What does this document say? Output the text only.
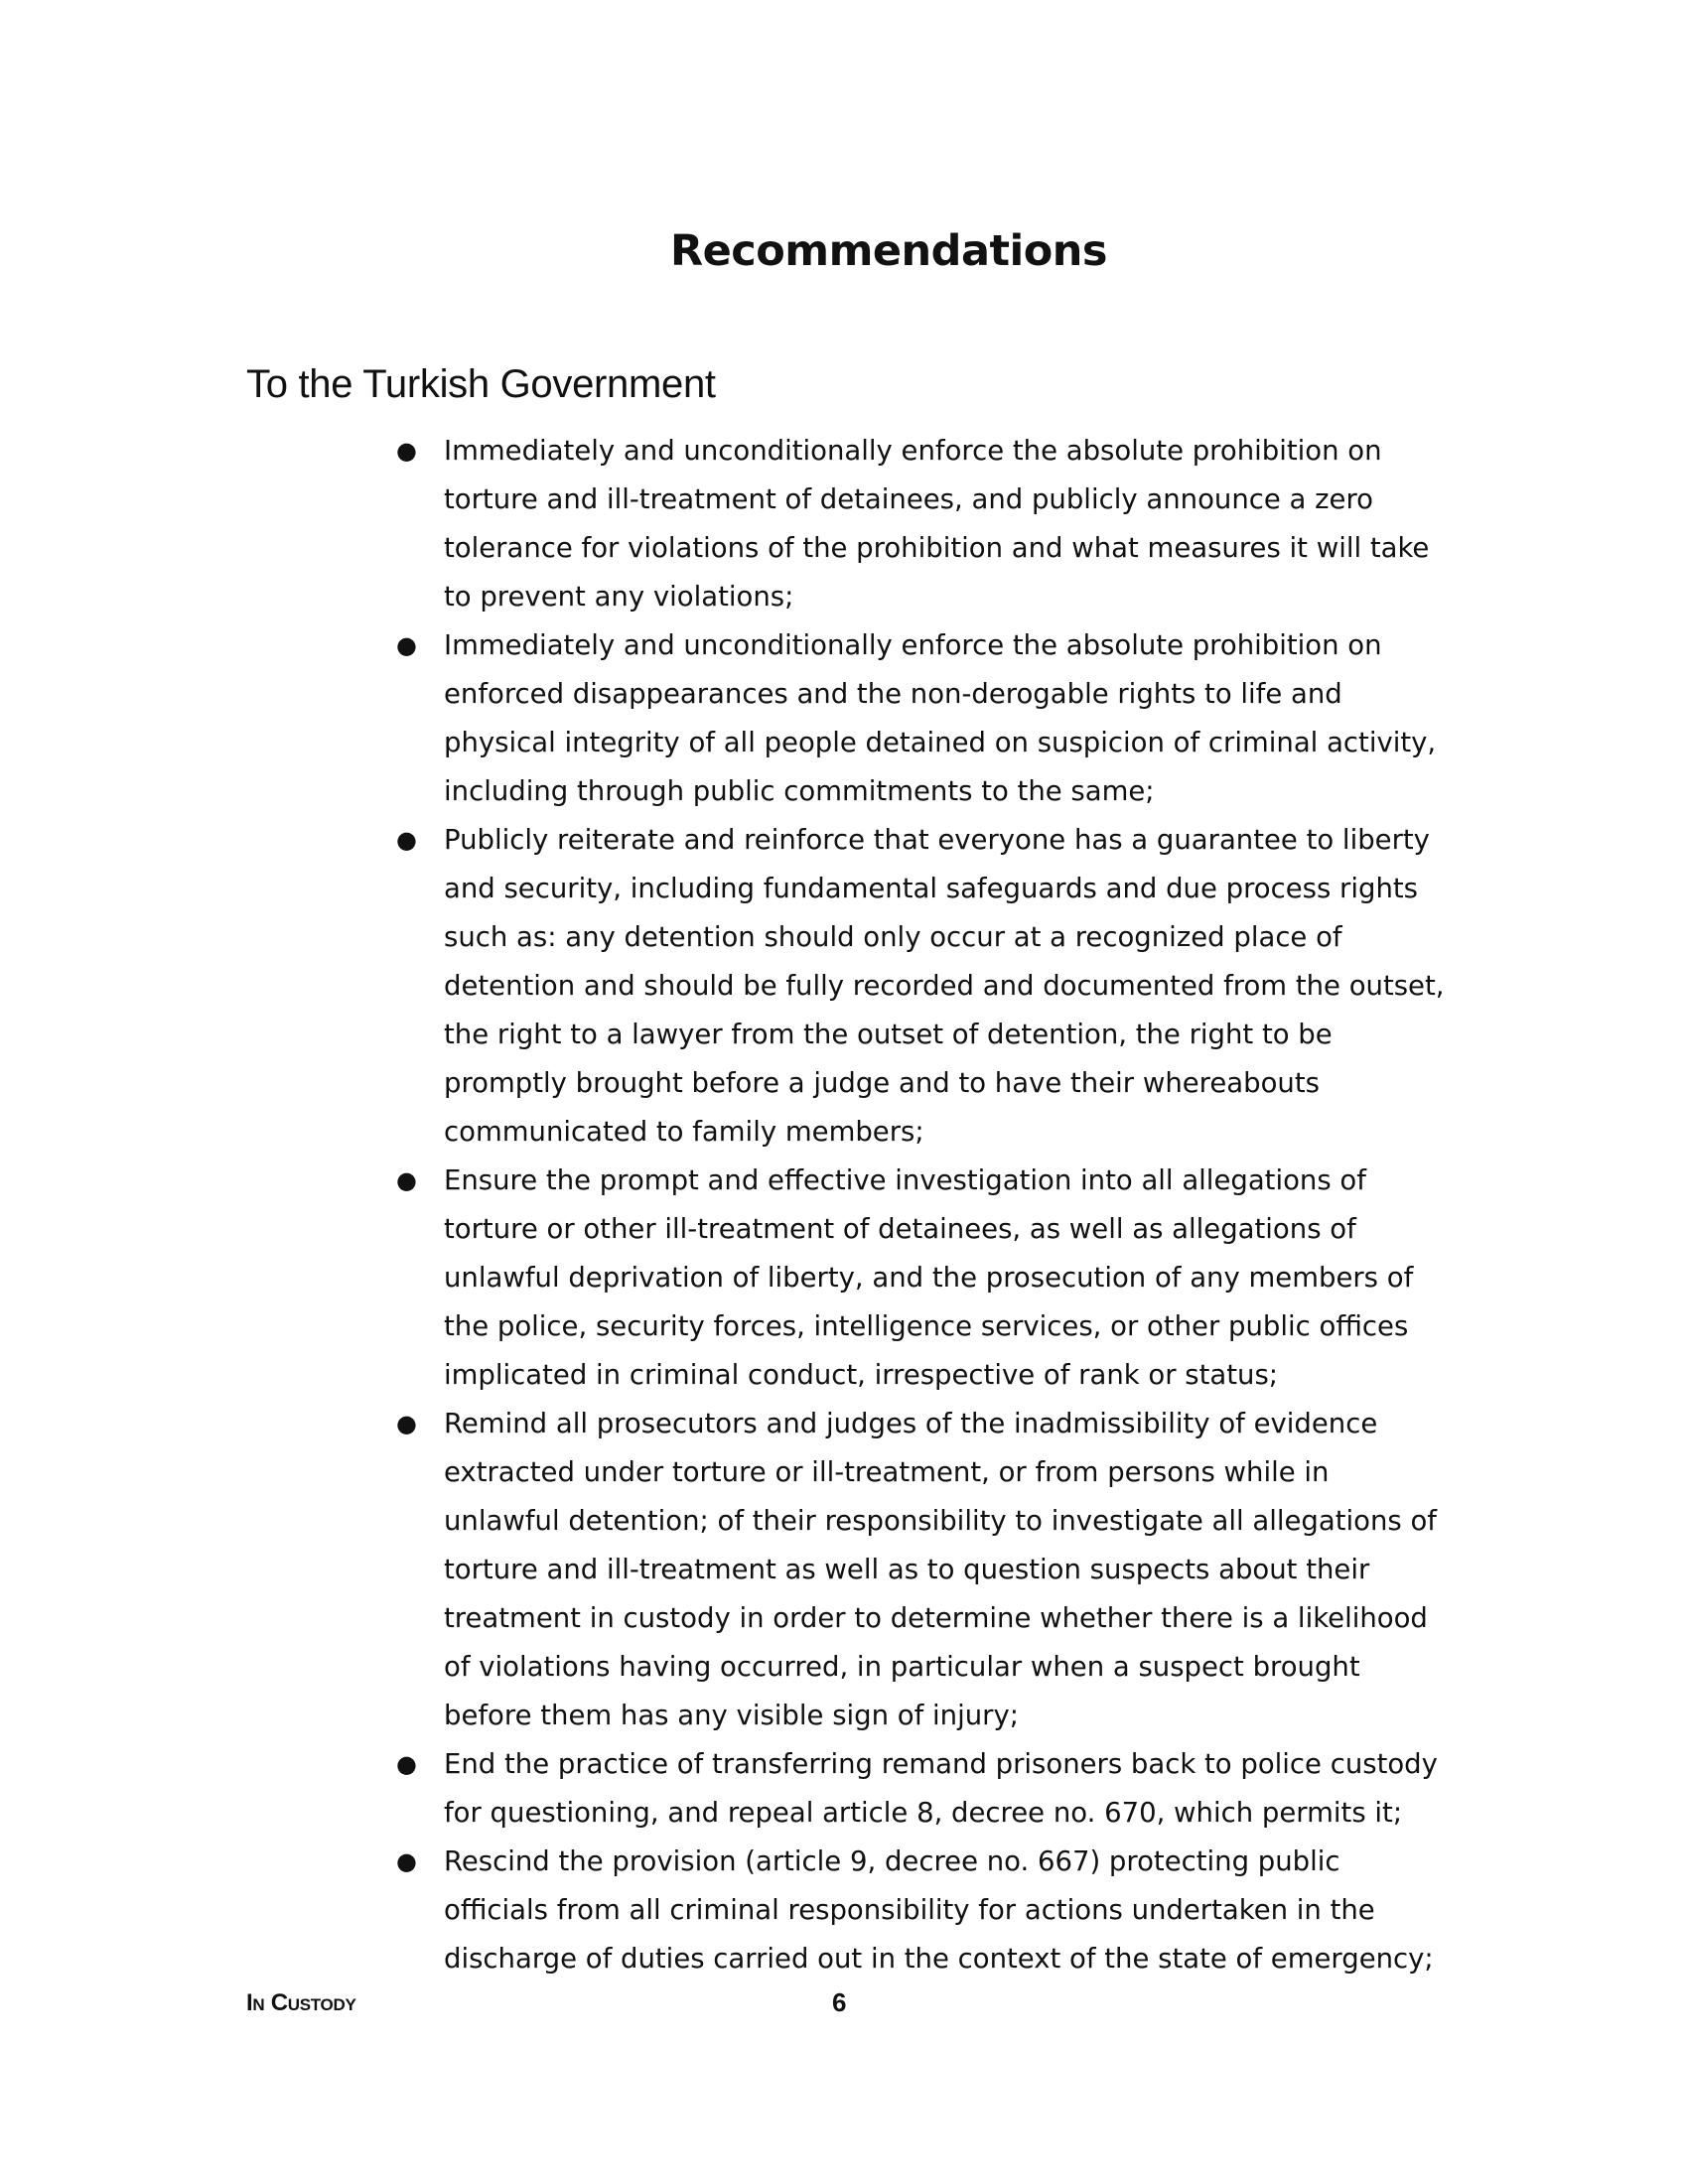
Recommendations
To the Turkish Government
● Immediately and unconditionally enforce the absolute prohibition on torture and ill-treatment of detainees, and publicly announce a zero tolerance for violations of the prohibition and what measures it will take to prevent any violations;
● Immediately and unconditionally enforce the absolute prohibition on enforced disappearances and the non-derogable rights to life and physical integrity of all people detained on suspicion of criminal activity, including through public commitments to the same;
● Publicly reiterate and reinforce that everyone has a guarantee to liberty and security, including fundamental safeguards and due process rights such as: any detention should only occur at a recognized place of detention and should be fully recorded and documented from the outset, the right to a lawyer from the outset of detention, the right to be promptly brought before a judge and to have their whereabouts communicated to family members;
● Ensure the prompt and effective investigation into all allegations of torture or other ill-treatment of detainees, as well as allegations of unlawful deprivation of liberty, and the prosecution of any members of the police, security forces, intelligence services, or other public offices implicated in criminal conduct, irrespective of rank or status;
● Remind all prosecutors and judges of the inadmissibility of evidence extracted under torture or ill-treatment, or from persons while in unlawful detention; of their responsibility to investigate all allegations of torture and ill-treatment as well as to question suspects about their treatment in custody in order to determine whether there is a likelihood of violations having occurred, in particular when a suspect brought before them has any visible sign of injury;
● End the practice of transferring remand prisoners back to police custody for questioning, and repeal article 8, decree no. 670, which permits it;
● Rescind the provision (article 9, decree no. 667) protecting public officials from all criminal responsibility for actions undertaken in the discharge of duties carried out in the context of the state of emergency;
In Custody	6
